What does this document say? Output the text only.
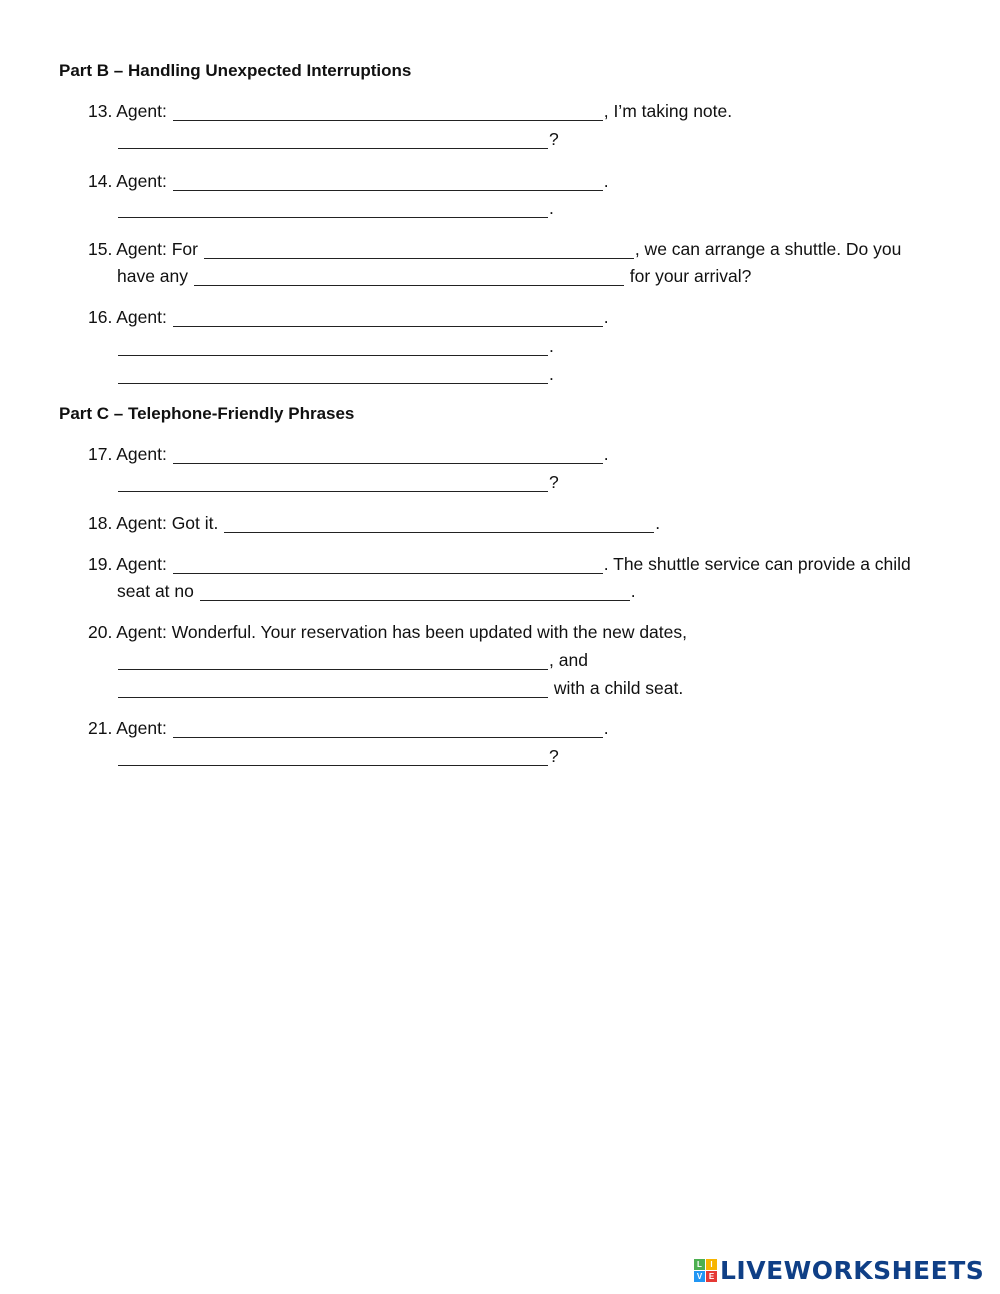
Part B – Handling Unexpected Interruptions
13. Agent:	, I’m taking note.
?
14. Agent:	.
.
15. Agent: For	, we can arrange a shuttle. Do you
have any	for your arrival?
16. Agent:	.
.
.
Part C – Telephone-Friendly Phrases
17. Agent:	.
?
18. Agent: Got it.	.
19. Agent:	. The shuttle service can provide a child
seat at no	.
20. Agent: Wonderful. Your reservation has been updated with the new dates,
, and
with a child seat.
21. Agent:	.
?
L	I
V E LIVEWORKSHEETS
